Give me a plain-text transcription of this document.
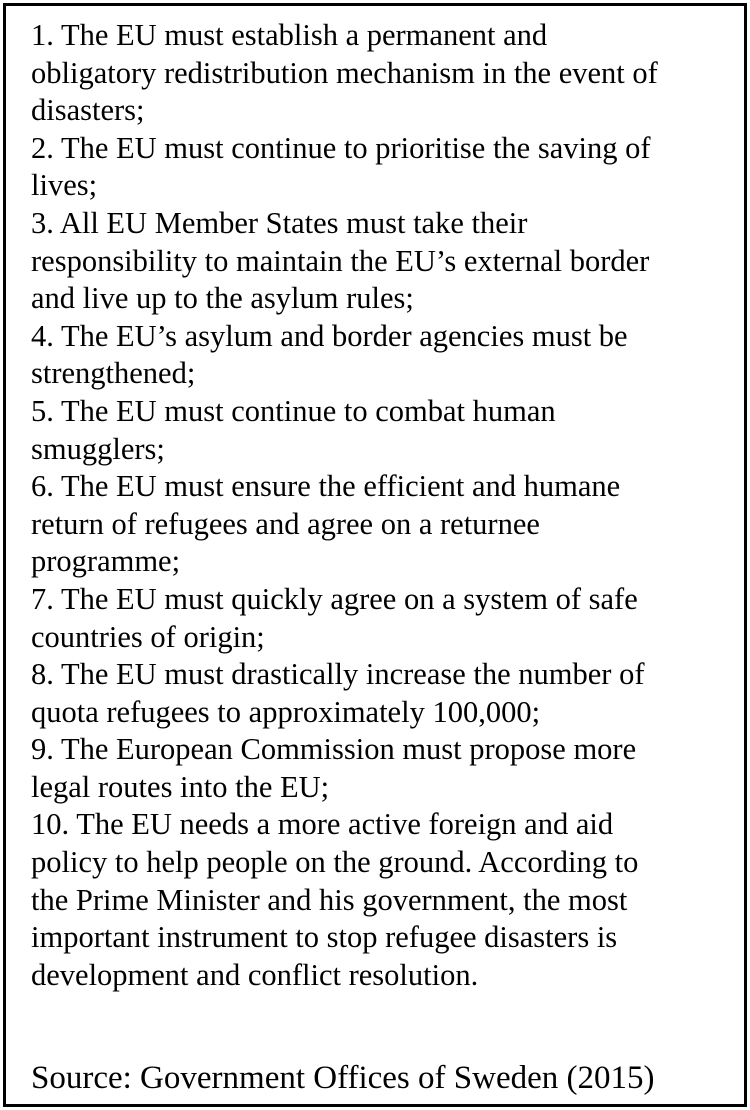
1. The EU must establish a permanent and
obligatory redistribution mechanism in the event of
disasters;
2. The EU must continue to prioritise the saving of
lives;
3. All EU Member States must take their
responsibility to maintain the EU’s external border
and live up to the asylum rules;
4. The EU’s asylum and border agencies must be
strengthened;
5. The EU must continue to combat human
smugglers;
6. The EU must ensure the efficient and humane
return of refugees and agree on a returnee
programme;
7. The EU must quickly agree on a system of safe
countries of origin;
8. The EU must drastically increase the number of
quota refugees to approximately 100,000;
9. The European Commission must propose more
legal routes into the EU;
10. The EU needs a more active foreign and aid
policy to help people on the ground. According to
the Prime Minister and his government, the most
important instrument to stop refugee disasters is
development and conflict resolution.
Source: Government Offices of Sweden (2015)
